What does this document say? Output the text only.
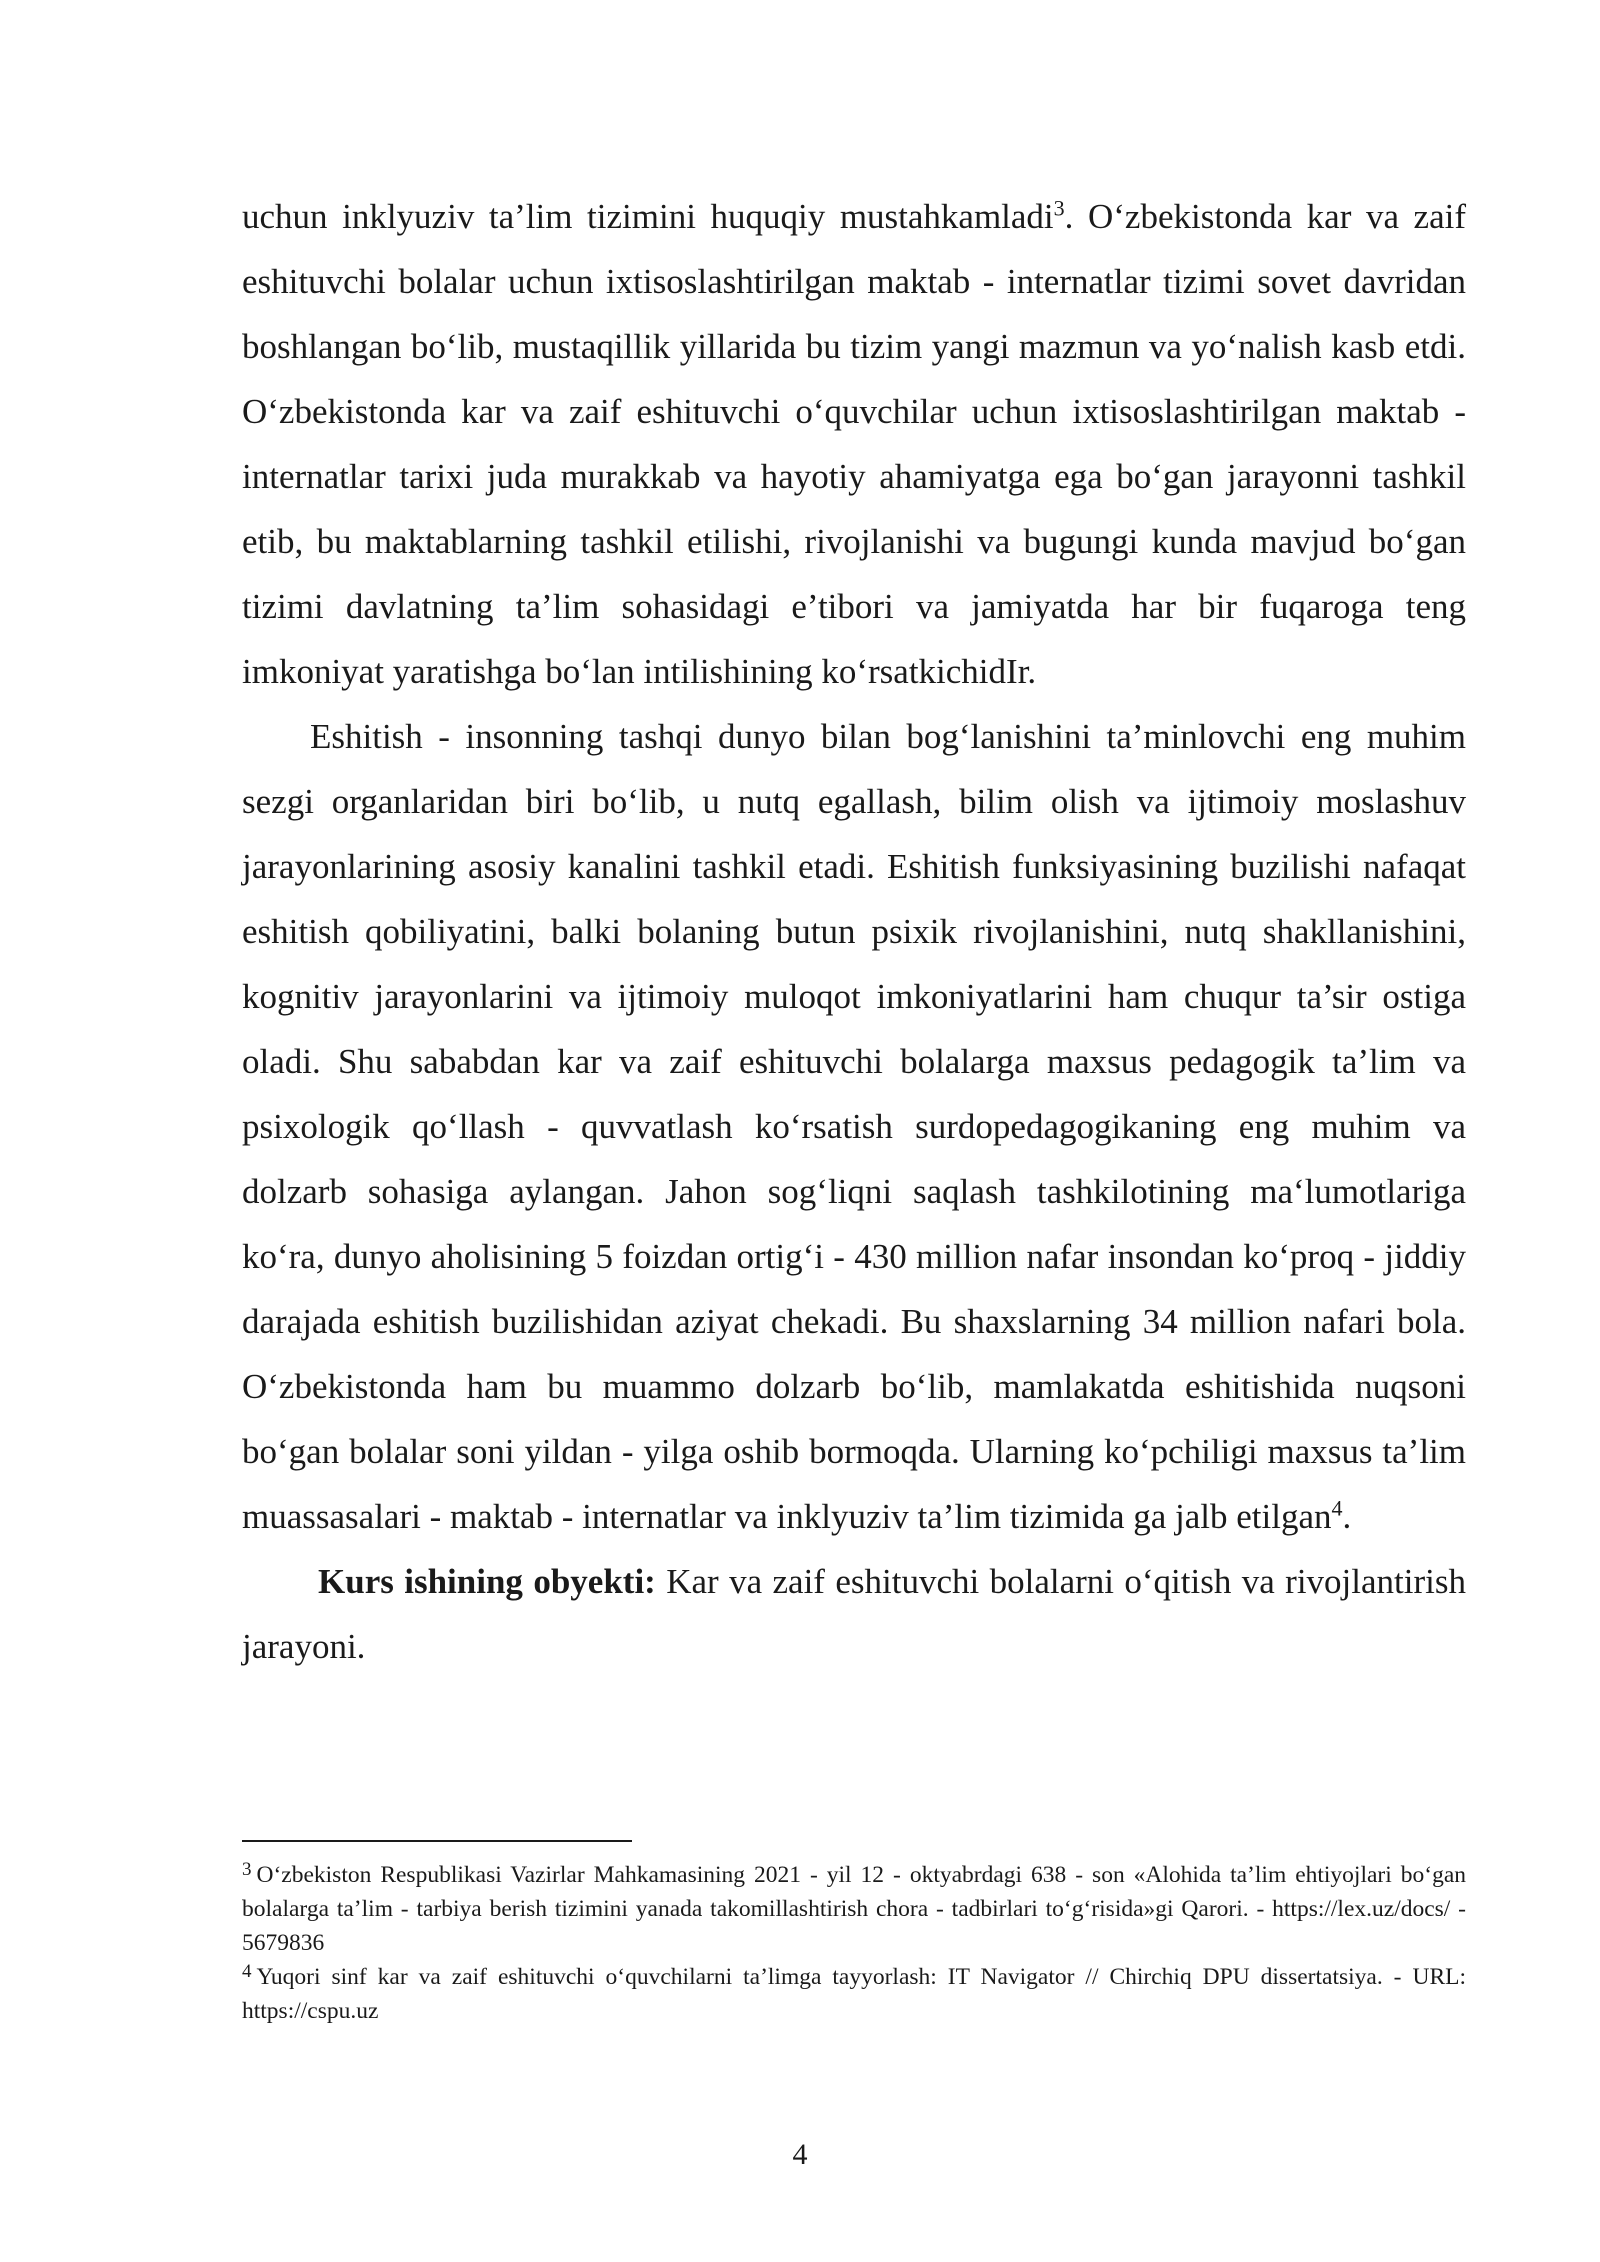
uchun inklyuziv ta’lim tizimini huquqiy mustahkamladi$^3$. O‘zbekistonda kar va zaif eshituvchi bolalar uchun ixtisoslashtirilgan maktab - internatlar tizimi sovet davridan boshlangan bo‘lib, mustaqillik yillarida bu tizim yangi mazmun va yo‘nalish kasb etdi. O‘zbekistonda kar va zaif eshituvchi o‘quvchilar uchun ixtisoslashtirilgan maktab - internatlar tarixi juda murakkab va hayotiy ahamiyatga ega bo‘gan jarayonni tashkil etib, bu maktablarning tashkil etilishi, rivojlanishi va bugungi kunda mavjud bo‘gan tizimi davlatning ta’lim sohasidagi e’tibori va jamiyatda har bir fuqaroga teng imkoniyat yaratishga bo‘lan intilishining ko‘rsatkichidIr.

Eshitish - insonning tashqi dunyo bilan bog‘lanishini ta’minlovchi eng muhim sezgi organlaridan biri bo‘lib, u nutq egallash, bilim olish va ijtimoiy moslashuv jarayonlarining asosiy kanalini tashkil etadi. Eshitish funksiyasining buzilishi nafaqat eshitish qobiliyatini, balki bolaning butun psixik rivojlanishini, nutq shakllanishini, kognitiv jarayonlarini va ijtimoiy muloqot imkoniyatlarini ham chuqur ta’sir ostiga oladi. Shu sababdan kar va zaif eshituvchi bolalarga maxsus pedagogik ta’lim va psixologik qo‘llash - quvvatlash ko‘rsatish surdopedagogikaning eng muhim va dolzarb sohasiga aylangan. Jahon sog‘liqni saqlash tashkilotining ma‘lumotlariga ko‘ra, dunyo aholisining 5 foizdan ortig‘i - 430 million nafar insondan ko‘proq - jiddiy darajada eshitish buzilishidan aziyat chekadi. Bu shaxslarning 34 million nafari bola. O‘zbekistonda ham bu muammo dolzarb bo‘lib, mamlakatda eshitishida nuqsoni bo‘gan bolalar soni yildan - yilga oshib bormoqda. Ularning ko‘pchiligi maxsus ta’lim muassasalari - maktab - internatlar va inklyuziv ta’lim tizimida ga jalb etilgan$^4$.

Kurs ishining obyekti: Kar va zaif eshituvchi bolalarni o‘qitish va rivojlantirish jarayoni.

$^3$ O‘zbekiston Respublikasi Vazirlar Mahkamasining 2021 - yil 12 - oktyabrdagi 638 - son «Alohida ta’lim ehtiyojlari bo‘gan bolalarga ta’lim - tarbiya berish tizimini yanada takomillashtirish chora - tadbirlari to‘g‘risida»gi Qarori. - https://lex.uz/docs/ - 5679836

$^4$ Yuqori sinf kar va zaif eshituvchi o‘quvchilarni ta’limga tayyorlash: IT Navigator // Chirchiq DPU dissertatsiya. - URL: https://cspu.uz

4
